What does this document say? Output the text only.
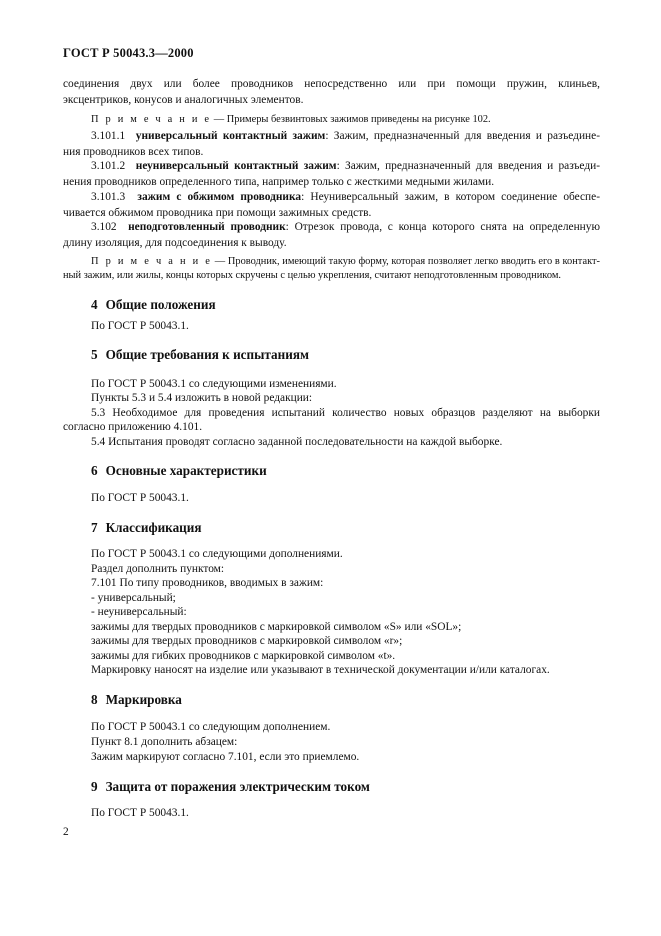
ГОСТ Р 50043.3—2000
соединения двух или более проводников непосредственно или при помощи пружин, клиньев,
эксцентриков, конусов и аналогичных элементов.
П р и м е ч а н и е — Примеры безвинтовых зажимов приведены на рисунке 102.
3.101.1 универсальный контактный зажим: Зажим, предназначенный для введения и разъедине-
ния проводников всех типов.
3.101.2 неуниверсальный контактный зажим: Зажим, предназначенный для введения и разъеди-
нения проводников определенного типа, например только с жесткими медными жилами.
3.101.3 зажим с обжимом проводника: Неуниверсальный зажим, в котором соединение обеспе-
чивается обжимом проводника при помощи зажимных средств.
3.102 неподготовленный проводник: Отрезок провода, с конца которого снята на определенную
длину изоляция, для подсоединения к выводу.
П р и м е ч а н и е — Проводник, имеющий такую форму, которая позволяет легко вводить его в контакт-
ный зажим, или жилы, концы которых скручены с целью укрепления, считают неподготовленным проводником.
4 Общие положения
По ГОСТ Р 50043.1.
5 Общие требования к испытаниям
По ГОСТ Р 50043.1 со следующими изменениями.
Пункты 5.3 и 5.4 изложить в новой редакции:
5.3 Необходимое для проведения испытаний количество новых образцов разделяют на выборки
согласно приложению 4.101.
5.4 Испытания проводят согласно заданной последовательности на каждой выборке.
6 Основные характеристики
По ГОСТ Р 50043.1.
7 Классификация
По ГОСТ Р 50043.1 со следующими дополнениями.
Раздел дополнить пунктом:
7.101 По типу проводников, вводимых в зажим:
- универсальный;
- неуниверсальный:
зажимы для твердых проводников с маркировкой символом «S» или «SOL»;
зажимы для твердых проводников с маркировкой символом «r»;
зажимы для гибких проводников с маркировкой символом «t».
Маркировку наносят на изделие или указывают в технической документации и/или каталогах.
8 Маркировка
По ГОСТ Р 50043.1 со следующим дополнением.
Пункт 8.1 дополнить абзацем:
Зажим маркируют согласно 7.101, если это приемлемо.
9 Защита от поражения электрическим током
По ГОСТ Р 50043.1.
2
